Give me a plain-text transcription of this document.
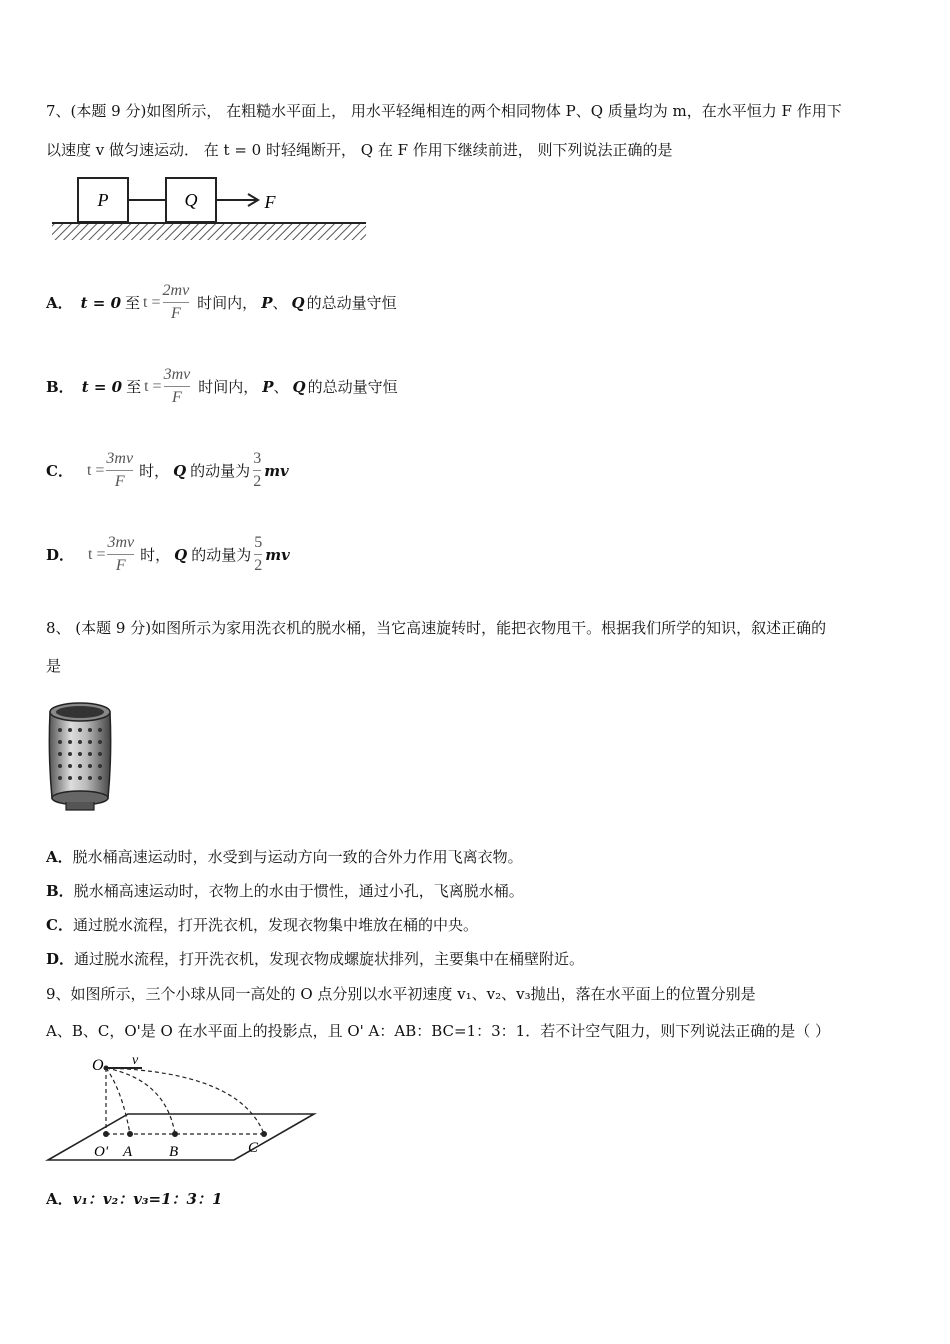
7、(本题 9 分)如图所示， 在粗糙水平面上， 用水平轻绳相连的两个相同物体 P、Q 质量均为 m，在水平恒力 F 作用下
以速度 v 做匀速运动． 在 t = 0 时轻绳断开， Q 在 F 作用下继续前进， 则下列说法正确的是
P	Q	F
A． t = 0 至 $t = \frac{2mv}{F}$ 时间内， P 、 Q 的总动量守恒
B． t = 0 至 $t = \frac{3mv}{F}$ 时间内， P 、 Q 的总动量守恒
C． $t = \frac{3mv}{F}$ 时， Q 的动量为
3
2
mv
D． $t = \frac{3mv}{F}$ 时， Q 的动量为
5
2
mv
8、 (本题 9 分)如图所示为家用洗衣机的脱水桶，当它高速旋转时，能把衣物甩干。根据我们所学的知识，叙述正确的
是
A．脱水桶高速运动时，水受到与运动方向一致的合外力作用飞离衣物。
B．脱水桶高速运动时，衣物上的水由于惯性，通过小孔，飞离脱水桶。
C．通过脱水流程，打开洗衣机，发现衣物集中堆放在桶的中央。
D．通过脱水流程，打开洗衣机，发现衣物成螺旋状排列，主要集中在桶壁附近。
9、如图所示，三个小球从同一高处的 O 点分别以水平初速度 v₁、v₂、v₃抛出，落在水平面上的位置分别是
A、B、C，O'是 O 在水平面上的投影点，且 O' A：AB：BC=1：3：1．若不计空气阻力，则下列说法正确的是（ ）
O v
O' A B	C
A．v₁：v₂：v₃=1：3：1
